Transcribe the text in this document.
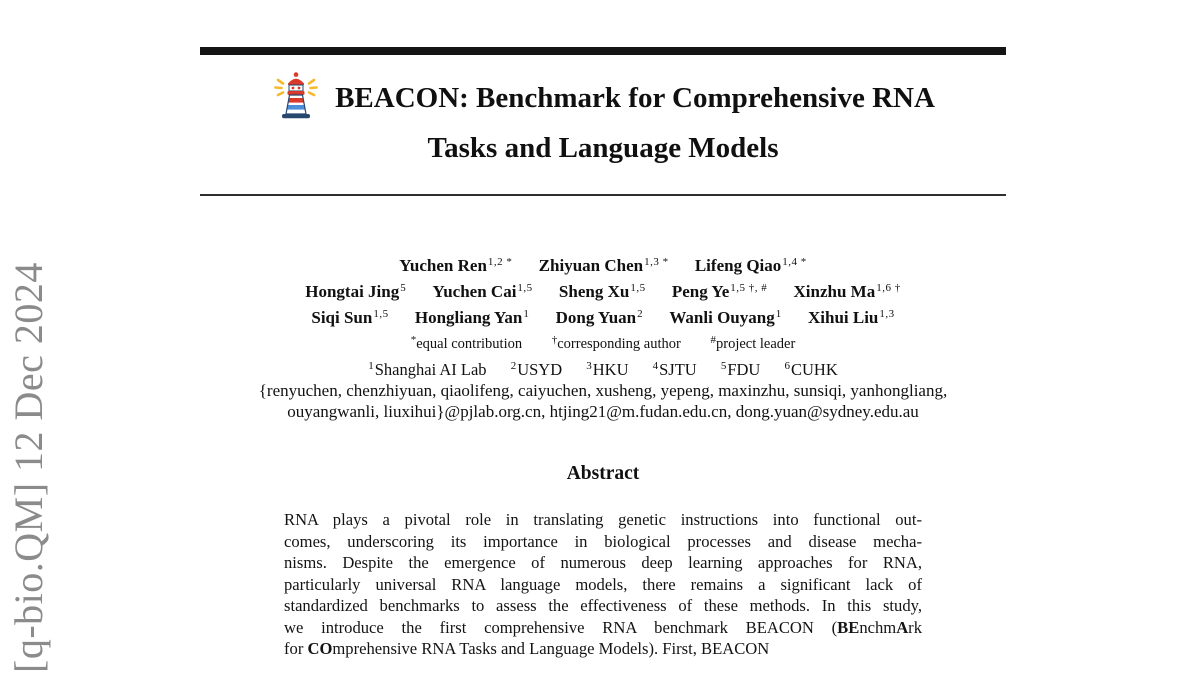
[q-bio.QM] 12 Dec 2024
BEACON: Benchmark for Comprehensive RNA
Tasks and Language Models
Yuchen Ren$^{1,2 *}$ Zhiyuan Chen$^{1,3 *}$ Lifeng Qiao$^{1,4 *}$
Hongtai Jing$^5$ Yuchen Cai$^{1,5}$ Sheng Xu$^{1,5}$ Peng $Ye^{1,5 \dagger, \#}$ Xinzhu $Ma^{1,6 \dagger}$
Siqi Sun$^{1,5}$ Hongliang Yan$^1$ Dong Yuan$^2$ Wanli Ouyang$^1$ Xihui Liu$^{1,3}$
*equal contribution	†corresponding author	#project leader
$^1$Shanghai AI Lab $^2$USYD $^3$HKU $^4$SJTU $^5$FDU $^6$CUHK
{renyuchen, chenzhiyuan, qiaolifeng, caiyuchen, xusheng, yepeng, maxinzhu, sunsiqi, yanhongliang,
ouyangwanli, liuxihui}@pjlab.org.cn, htjing21@m.fudan.edu.cn, dong.yuan@sydney.edu.au
Abstract
RNA plays a pivotal role in translating genetic instructions into functional out-
comes, underscoring its importance in biological processes and disease mecha-
nisms. Despite the emergence of numerous deep learning approaches for RNA,
particularly universal RNA language models, there remains a significant lack of
standardized benchmarks to assess the effectiveness of these methods. In this study,
we introduce the first comprehensive RNA benchmark BEACON (BEnchmArk
for COmprehensive RNA Tasks and Language Models). First, BEACON
